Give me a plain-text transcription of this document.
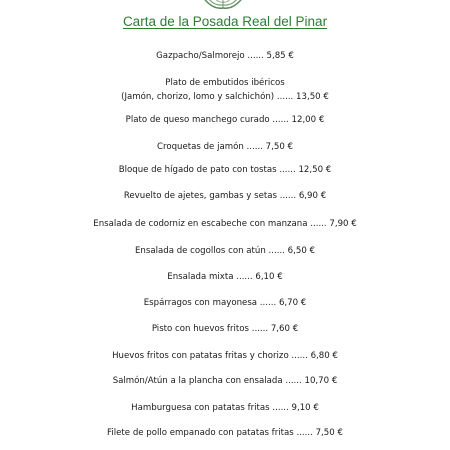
Carta de la Posada Real del Pinar
Gazpacho/Salmorejo ...... 5,85 €
Plato de embutidos ibéricos
(Jamón, chorizo, lomo y salchichón) ...... 13,50 €
Plato de queso manchego curado ...... 12,00 €
Croquetas de jamón ...... 7,50 €
Bloque de hígado de pato con tostas ...... 12,50 €
Revuelto de ajetes, gambas y setas ...... 6,90 €
Ensalada de codorniz en escabeche con manzana ...... 7,90 €
Ensalada de cogollos con atún ...... 6,50 €
Ensalada mixta ...... 6,10 €
Espárragos con mayonesa ...... 6,70 €
Pisto con huevos fritos ...... 7,60 €
Huevos fritos con patatas fritas y chorizo ...... 6,80 €
Salmón/Atún a la plancha con ensalada ...... 10,70 €
Hamburguesa con patatas fritas ...... 9,10 €
Filete de pollo empanado con patatas fritas ...... 7,50 €
